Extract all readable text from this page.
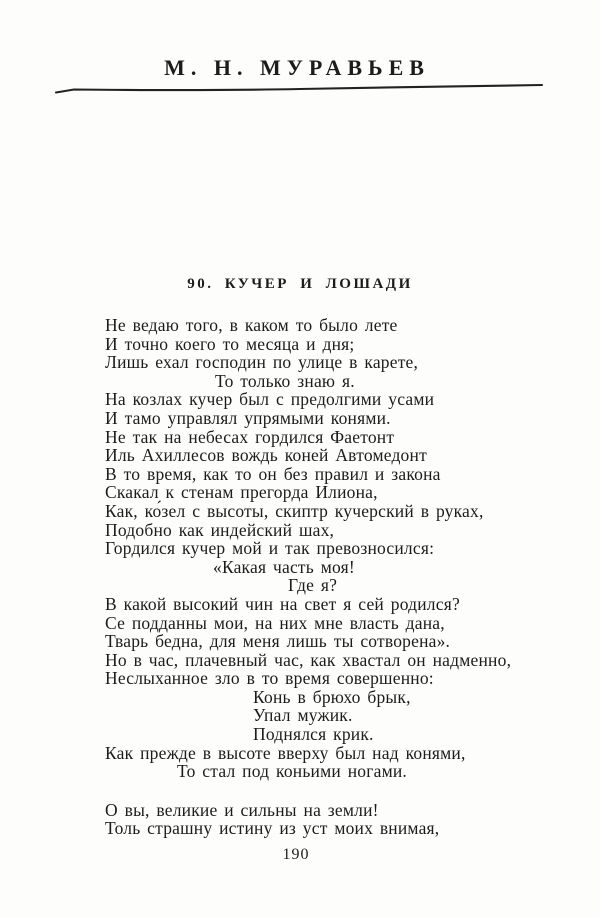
М. Н. МУРАВЬЕВ
90. КУЧЕР И ЛОШАДИ
Не ведаю того, в каком то было лете
И точно коего то месяца и дня;
Лишь ехал господин по улице в карете,
То только знаю я.
На козлах кучер был с предолгими усами
И тамо управлял упрямыми конями.
Не так на небесах гордился Фаетонт
Иль Ахиллесов вождь коней Автомедонт
В то время, как то он без правил и закона
Скакал к стенам прегорда Илиона,
Как, ко́зел с высоты, скиптр кучерский в руках,
Подобно как индейский шах,
Гордился кучер мой и так превозносился:
«Какая часть моя!
Где я?
В какой высокий чин на свет я сей родился?
Се подданны мои, на них мне власть дана,
Тварь бедна, для меня лишь ты сотворена».
Но в час, плачевный час, как хвастал он надменно,
Неслыханное зло в то время совершенно:
Конь в брюхо брык,
Упал мужик.
Поднялся крик.
Как прежде в высоте вверху был над конями,
То стал под коньими ногами.
О вы, великие и сильны на земли!
Толь страшну истину из уст моих внимая,
190
